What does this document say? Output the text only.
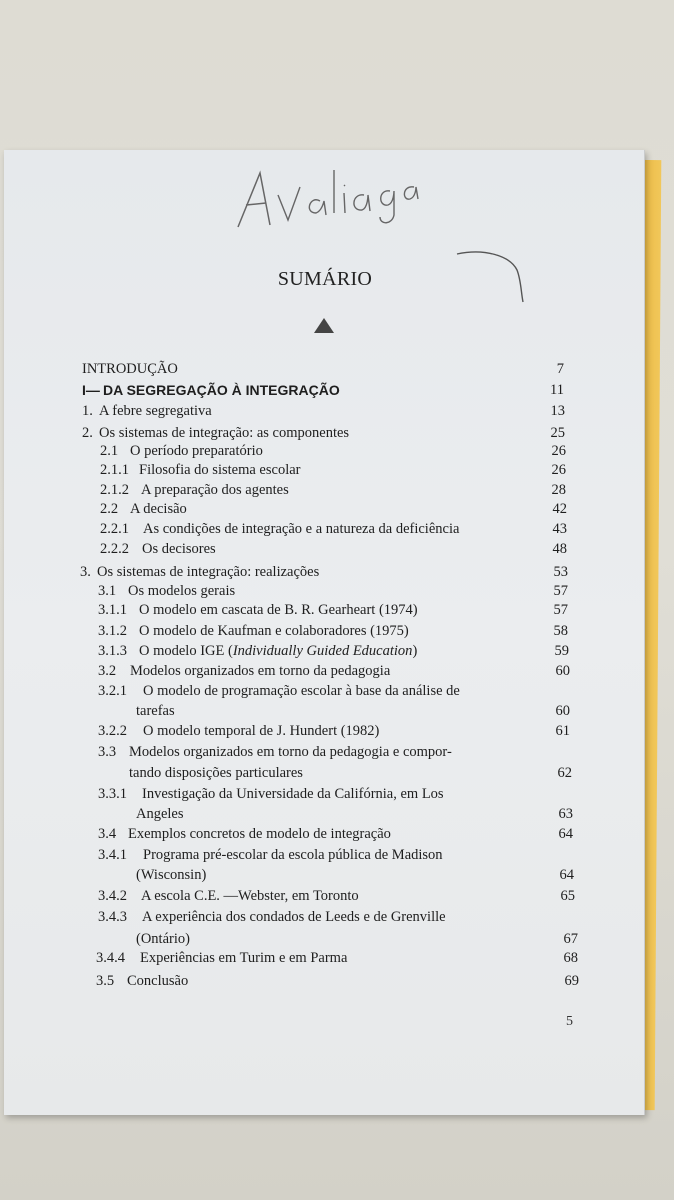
SUMÁRIO
INTRODUÇÃO	7
I— DA SEGREGAÇÃO À INTEGRAÇÃO	11
1. A febre segregativa	13
2. Os sistemas de integração: as componentes	25
2.1 O período preparatório	26
2.1.1 Filosofia do sistema escolar	26
2.1.2 A preparação dos agentes	28
2.2 A decisão	42
2.2.1 As condições de integração e a natureza da deficiência	43
2.2.2 Os decisores	48
3. Os sistemas de integração: realizações	53
3.1 Os modelos gerais	57
3.1.1 O modelo em cascata de B. R. Gearheart (1974)	57
3.1.2 O modelo de Kaufman e colaboradores (1975)	58
3.1.3 O modelo IGE (Individually Guided Education)	59
3.2 Modelos organizados em torno da pedagogia	60
3.2.1 O modelo de programação escolar à base da análise de
tarefas	60
3.2.2 O modelo temporal de J. Hundert (1982)	61
3.3 Modelos organizados em torno da pedagogia e compor-
tando disposições particulares	62
3.3.1 Investigação da Universidade da Califórnia, em Los
Angeles	63
3.4 Exemplos concretos de modelo de integração	64
3.4.1 Programa pré-escolar da escola pública de Madison
(Wisconsin)	64
3.4.2 A escola C.E. —Webster, em Toronto	65
3.4.3 A experiência dos condados de Leeds e de Grenville
(Ontário)	67
3.4.4 Experiências em Turim e em Parma	68
3.5 Conclusão	69
5
